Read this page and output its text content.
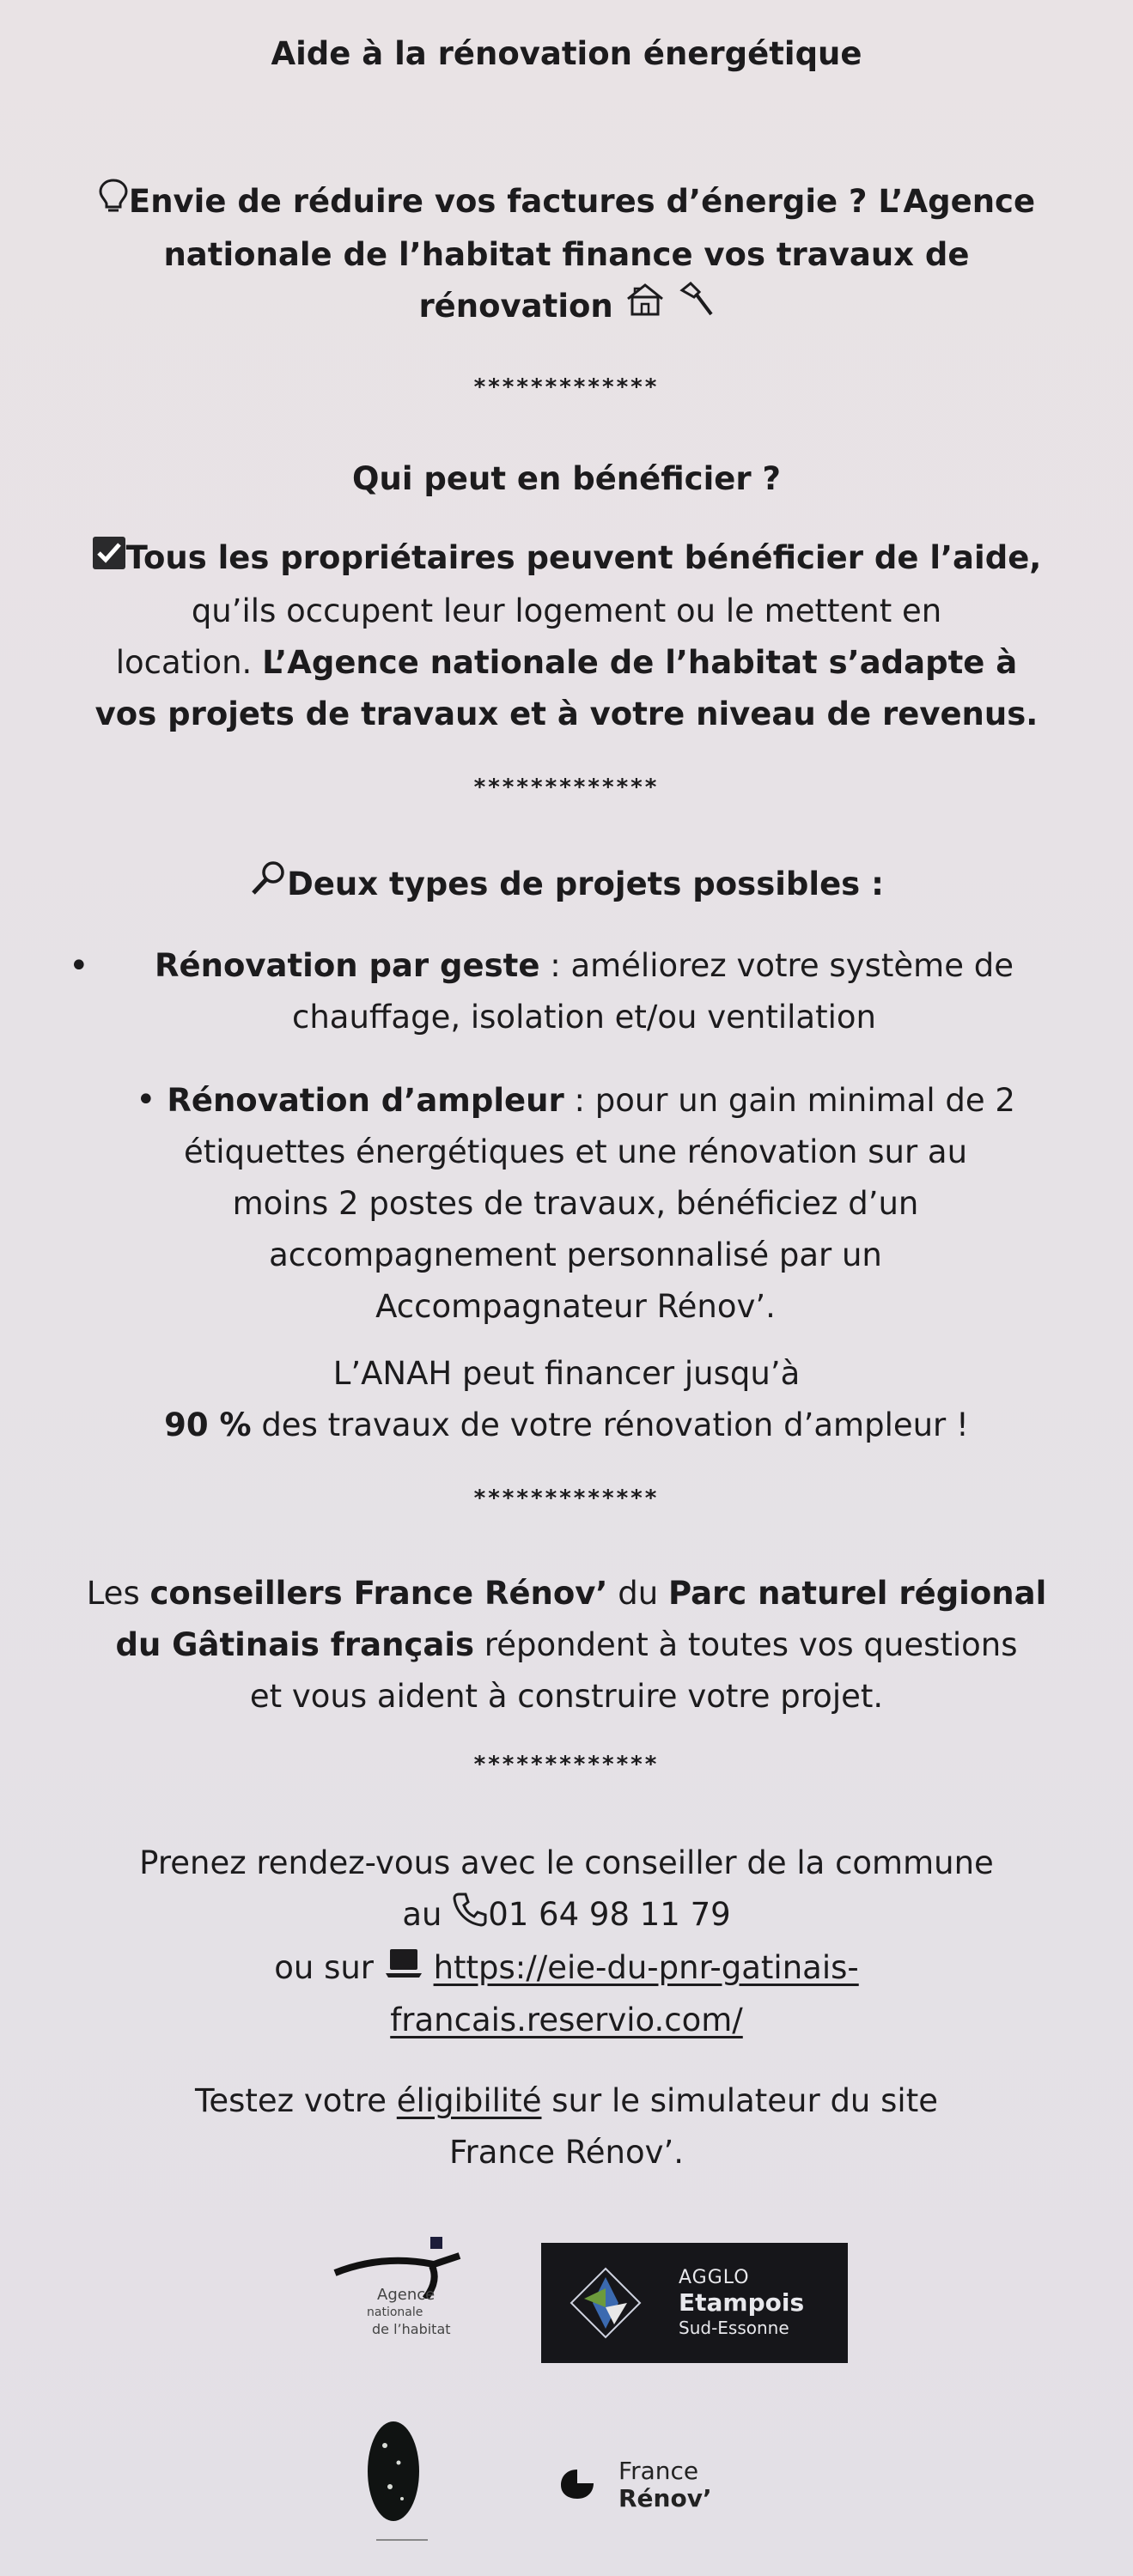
Aide à la rénovation énergétique
Envie de réduire vos factures d’énergie ? L’Agence
nationale de l’habitat finance vos travaux de
rénovation
*************
Qui peut en bénéficier ?
Tous les propriétaires peuvent bénéficier de l’aide,
qu’ils occupent leur logement ou le mettent en
location. L’Agence nationale de l’habitat s’adapte à
vos projets de travaux et à votre niveau de revenus.
*************
Deux types de projets possibles :
•	Rénovation par geste : améliorez votre système de
chauffage, isolation et/ou ventilation
• Rénovation d’ampleur : pour un gain minimal de 2
étiquettes énergétiques et une rénovation sur au
moins 2 postes de travaux, bénéficiez d’un
accompagnement personnalisé par un
Accompagnateur Rénov’.
L’ANAH peut financer jusqu’à
90 % des travaux de votre rénovation d’ampleur !
*************
Les conseillers France Rénov’ du Parc naturel régional
du Gâtinais français répondent à toutes vos questions
et vous aident à construire votre projet.
*************
Prenez rendez-vous avec le conseiller de la commune
au 01 64 98 11 79
ou sur https://eie-du-pnr-gatinais-
francais.reservio.com/
Testez votre éligibilité sur le simulateur du site
France Rénov’.
Agence
nationale
de l’habitat
AGGLO
Etampois
Sud-Essonne
France
Rénov’
